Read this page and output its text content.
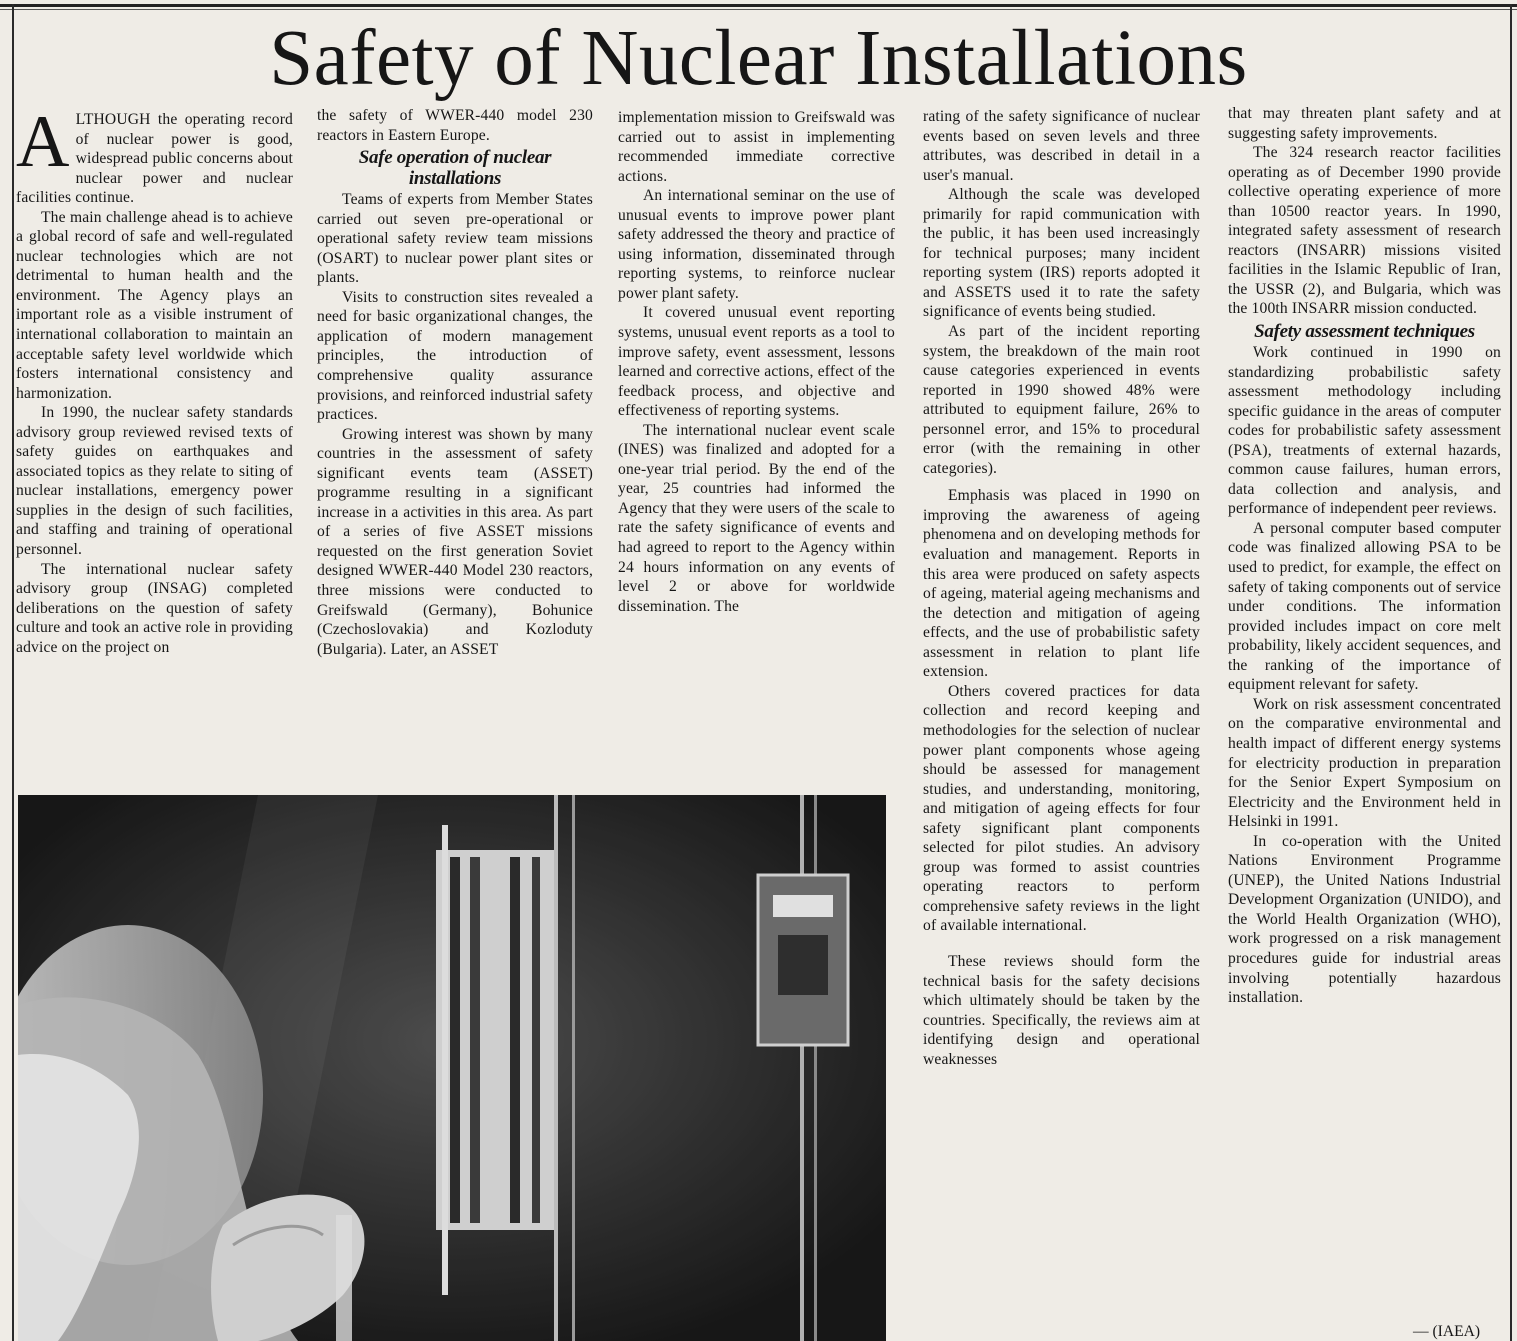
Safety of Nuclear Installations
A LTHOUGH the operating record of nuclear power is good, widespread public concerns about nuclear power and nuclear facilities continue.

The main challenge ahead is to achieve a global record of safe and well-regulated nuclear technologies which are not detrimental to human health and the environment. The Agency plays an important role as a visible instrument of international collaboration to maintain an acceptable safety level worldwide which fosters international consistency and harmonization.

In 1990, the nuclear safety standards advisory group reviewed revised texts of safety guides on earthquakes and associated topics as they relate to siting of nuclear installations, emergency power supplies in the design of such facilities, and staffing and training of operational personnel.

The international nuclear safety advisory group (INSAG) completed deliberations on the question of safety culture and took an active role in providing advice on the project on

the safety of WWER-440 model 230 reactors in Eastern Europe.

Safe operation of nuclear installations

Teams of experts from Member States carried out seven pre-operational or operational safety review team missions (OSART) to nuclear power plant sites or plants.

Visits to construction sites revealed a need for basic organizational changes, the application of modern management principles, the introduction of comprehensive quality assurance provisions, and reinforced industrial safety practices.

Growing interest was shown by many countries in the assessment of safety significant events team (ASSET) programme resulting in a significant increase in a activities in this area. As part of a series of five ASSET missions requested on the first generation Soviet designed WWER-440 Model 230 reactors, three missions were conducted to Greifswald (Germany), Bohunice (Czechoslovakia) and Kozloduty (Bulgaria). Later, an ASSET

implementation mission to Greifswald was carried out to assist in implementing recommended immediate corrective actions.

An international seminar on the use of unusual events to improve power plant safety addressed the theory and practice of using information, disseminated through reporting systems, to reinforce nuclear power plant safety.

It covered unusual event reporting systems, unusual event reports as a tool to improve safety, event assessment, lessons learned and corrective actions, effect of the feedback process, and objective and effectiveness of reporting systems.

The international nuclear event scale (INES) was finalized and adopted for a one-year trial period. By the end of the year, 25 countries had informed the Agency that they were users of the scale to rate the safety significance of events and had agreed to report to the Agency within 24 hours information on any events of level 2 or above for worldwide dissemination. The

rating of the safety significance of nuclear events based on seven levels and three attributes, was described in detail in a user's manual.

Although the scale was developed primarily for rapid communication with the public, it has been used increasingly for technical purposes; many incident reporting system (IRS) reports adopted it and ASSETS used it to rate the safety significance of events being studied.

As part of the incident reporting system, the breakdown of the main root cause categories experienced in events reported in 1990 showed 48% were attributed to equipment failure, 26% to personnel error, and 15% to procedural error (with the remaining in other categories).

Emphasis was placed in 1990 on improving the awareness of ageing phenomena and on developing methods for evaluation and management. Reports in this area were produced on safety aspects of ageing, material ageing mechanisms and the detection and mitigation of ageing effects, and the use of probabilistic safety assessment in relation to plant life extension.

Others covered practices for data collection and record keeping and methodologies for the selection of nuclear power plant components whose ageing should be assessed for management studies, and understanding, monitoring, and mitigation of ageing effects for four safety significant plant components selected for pilot studies. An advisory group was formed to assist countries operating reactors to perform comprehensive safety reviews in the light of available international.

These reviews should form the technical basis for the safety decisions which ultimately should be taken by the countries. Specifically, the reviews aim at identifying design and operational weaknesses

that may threaten plant safety and at suggesting safety improvements.

The 324 research reactor facilities operating as of December 1990 provide collective operating experience of more than 10500 reactor years. In 1990, integrated safety assessment of research reactors (INSARR) missions visited facilities in the Islamic Republic of Iran, the USSR (2), and Bulgaria, which was the 100th INSARR mission conducted.

Safety assessment techniques

Work continued in 1990 on standardizing probabilistic safety assessment methodology including specific guidance in the areas of computer codes for probabilistic safety assessment (PSA), treatments of external hazards, common cause failures, human errors, data collection and analysis, and performance of independent peer reviews.

A personal computer based computer code was finalized allowing PSA to be used to predict, for example, the effect on safety of taking components out of service under conditions. The information provided includes impact on core melt probability, likely accident sequences, and the ranking of the importance of equipment relevant for safety.

Work on risk assessment concentrated on the comparative environmental and health impact of different energy systems for electricity production in preparation for the Senior Expert Symposium on Electricity and the Environment held in Helsinki in 1991.

In co-operation with the United Nations Environment Programme (UNEP), the United Nations Industrial Development Organization (UNIDO), and the World Health Organization (WHO), work progressed on a risk management procedures guide for industrial areas involving potentially hazardous installation.

— (IAEA)
